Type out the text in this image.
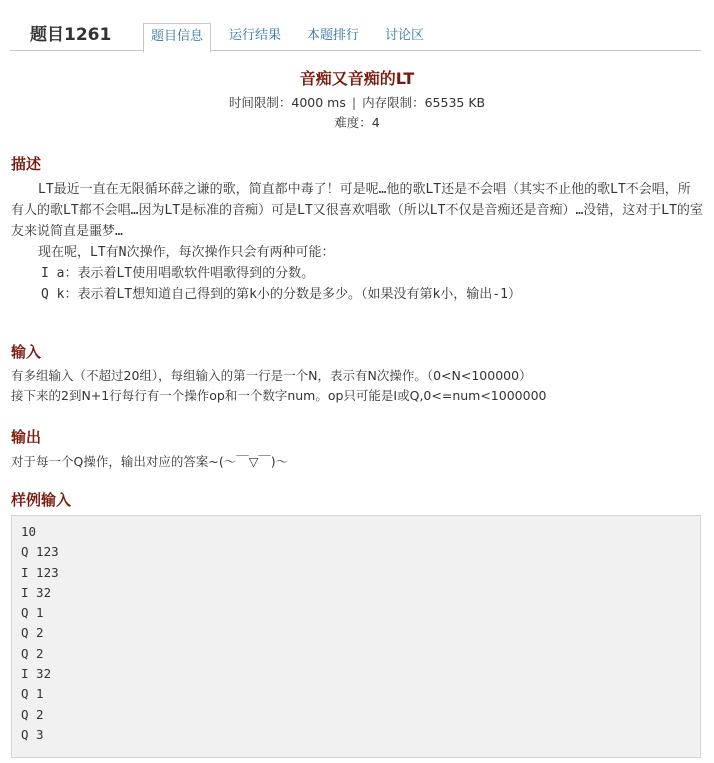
题目1261	题目信息	运行结果	本题排行	讨论区
音痴又音痴的LT
时间限制：4000 ms | 内存限制：65535 KB
难度：4
描述

LT最近一直在无限循环薛之谦的歌，简直都中毒了！可是呢…他的歌LT还是不会唱（其实不止他的歌LT不会唱，所有人的歌LT都不会唱…因为LT是标准的音痴）可是LT又很喜欢唱歌（所以LT不仅是音痴还是音痴）…没错，这对于LT的室友来说简直是噩梦…

现在呢，LT有N次操作，每次操作只会有两种可能：

I a：表示着LT使用唱歌软件唱歌得到的分数。

Q k：表示着LT想知道自己得到的第k小的分数是多少。（如果没有第k小，输出-1）

输入
有多组输入（不超过20组），每组输入的第一行是一个N，表示有N次操作。（0<N<100000）
接下来的2到N+1行每行有一个操作op和一个数字num。op只可能是I或Q,0<=num<1000000
输出
对于每一个Q操作，输出对应的答案~(～￣▽￣)～
样例输入
10
Q 123
I 123
I 32
Q 1
Q 2
Q 2
I 32
Q 1
Q 2
Q 3
